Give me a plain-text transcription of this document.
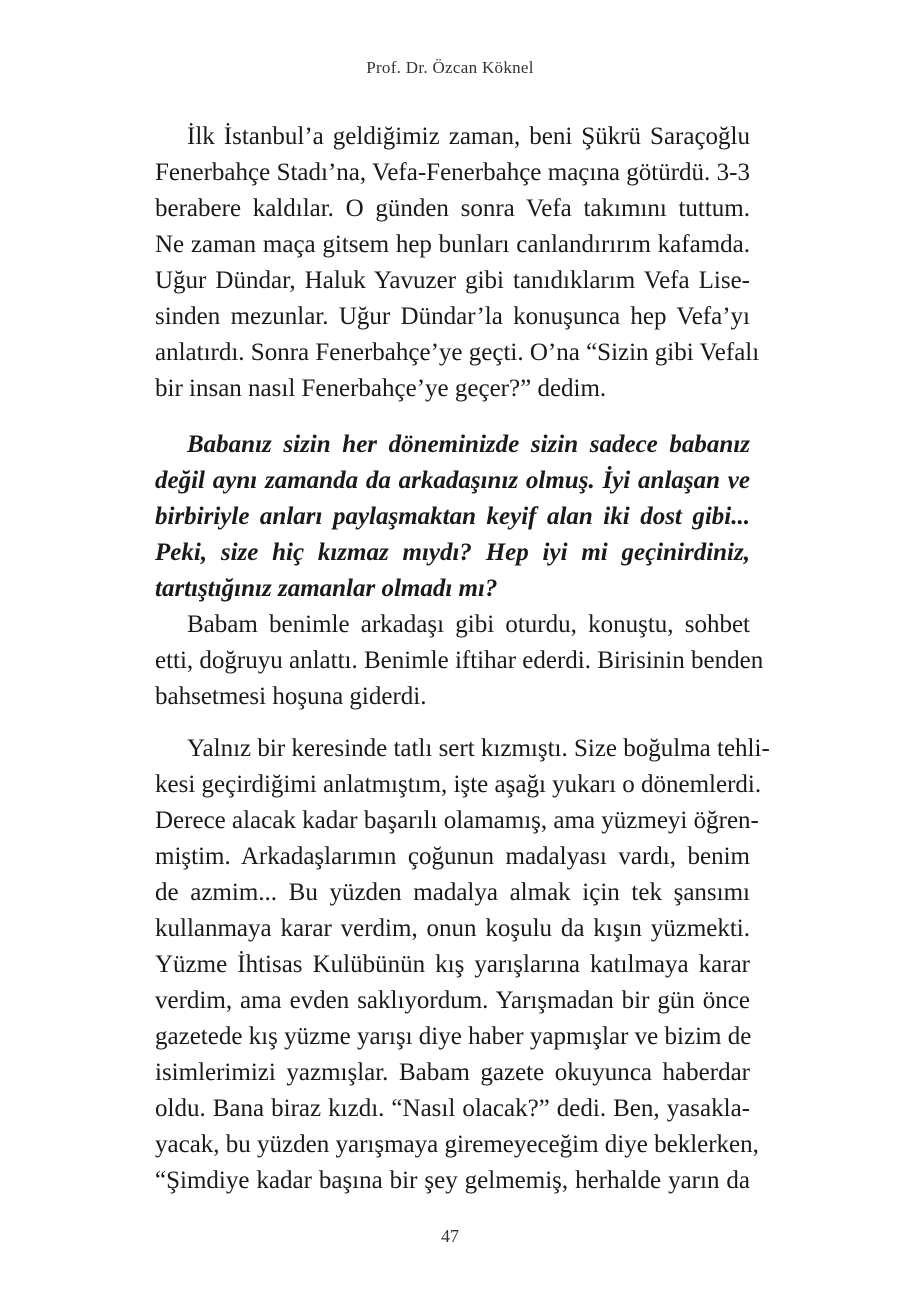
Prof. Dr. Özcan Köknel
İlk İstanbul’a geldiğimiz zaman, beni Şükrü Saraçoğlu
Fenerbahçe Stadı’na, Vefa-Fenerbahçe maçına götürdü. 3-3
berabere kaldılar. O günden sonra Vefa takımını tuttum.
Ne zaman maça gitsem hep bunları canlandırırım kafamda.
Uğur Dündar, Haluk Yavuzer gibi tanıdıklarım Vefa Lise-
sinden mezunlar. Uğur Dündar’la konuşunca hep Vefa’yı
anlatırdı. Sonra Fenerbahçe’ye geçti. O’na “Sizin gibi Vefalı
bir insan nasıl Fenerbahçe’ye geçer?” dedim.
Babanız sizin her döneminizde sizin sadece babanız
değil aynı zamanda da arkadaşınız olmuş. İyi anlaşan ve
birbiriyle anları paylaşmaktan keyif alan iki dost gibi...
Peki, size hiç kızmaz mıydı? Hep iyi mi geçinirdiniz,
tartıştığınız zamanlar olmadı mı?
Babam benimle arkadaşı gibi oturdu, konuştu, sohbet
etti, doğruyu anlattı. Benimle iftihar ederdi. Birisinin benden
bahsetmesi hoşuna giderdi.
Yalnız bir keresinde tatlı sert kızmıştı. Size boğulma tehli-
kesi geçirdiğimi anlatmıştım, işte aşağı yukarı o dönemlerdi.
Derece alacak kadar başarılı olamamış, ama yüzmeyi öğren-
miştim. Arkadaşlarımın çoğunun madalyası vardı, benim
de azmim... Bu yüzden madalya almak için tek şansımı
kullanmaya karar verdim, onun koşulu da kışın yüzmekti.
Yüzme İhtisas Kulübünün kış yarışlarına katılmaya karar
verdim, ama evden saklıyordum. Yarışmadan bir gün önce
gazetede kış yüzme yarışı diye haber yapmışlar ve bizim de
isimlerimizi yazmışlar. Babam gazete okuyunca haberdar
oldu. Bana biraz kızdı. “Nasıl olacak?” dedi. Ben, yasakla-
yacak, bu yüzden yarışmaya giremeyeceğim diye beklerken,
“Şimdiye kadar başına bir şey gelmemiş, herhalde yarın da
47
